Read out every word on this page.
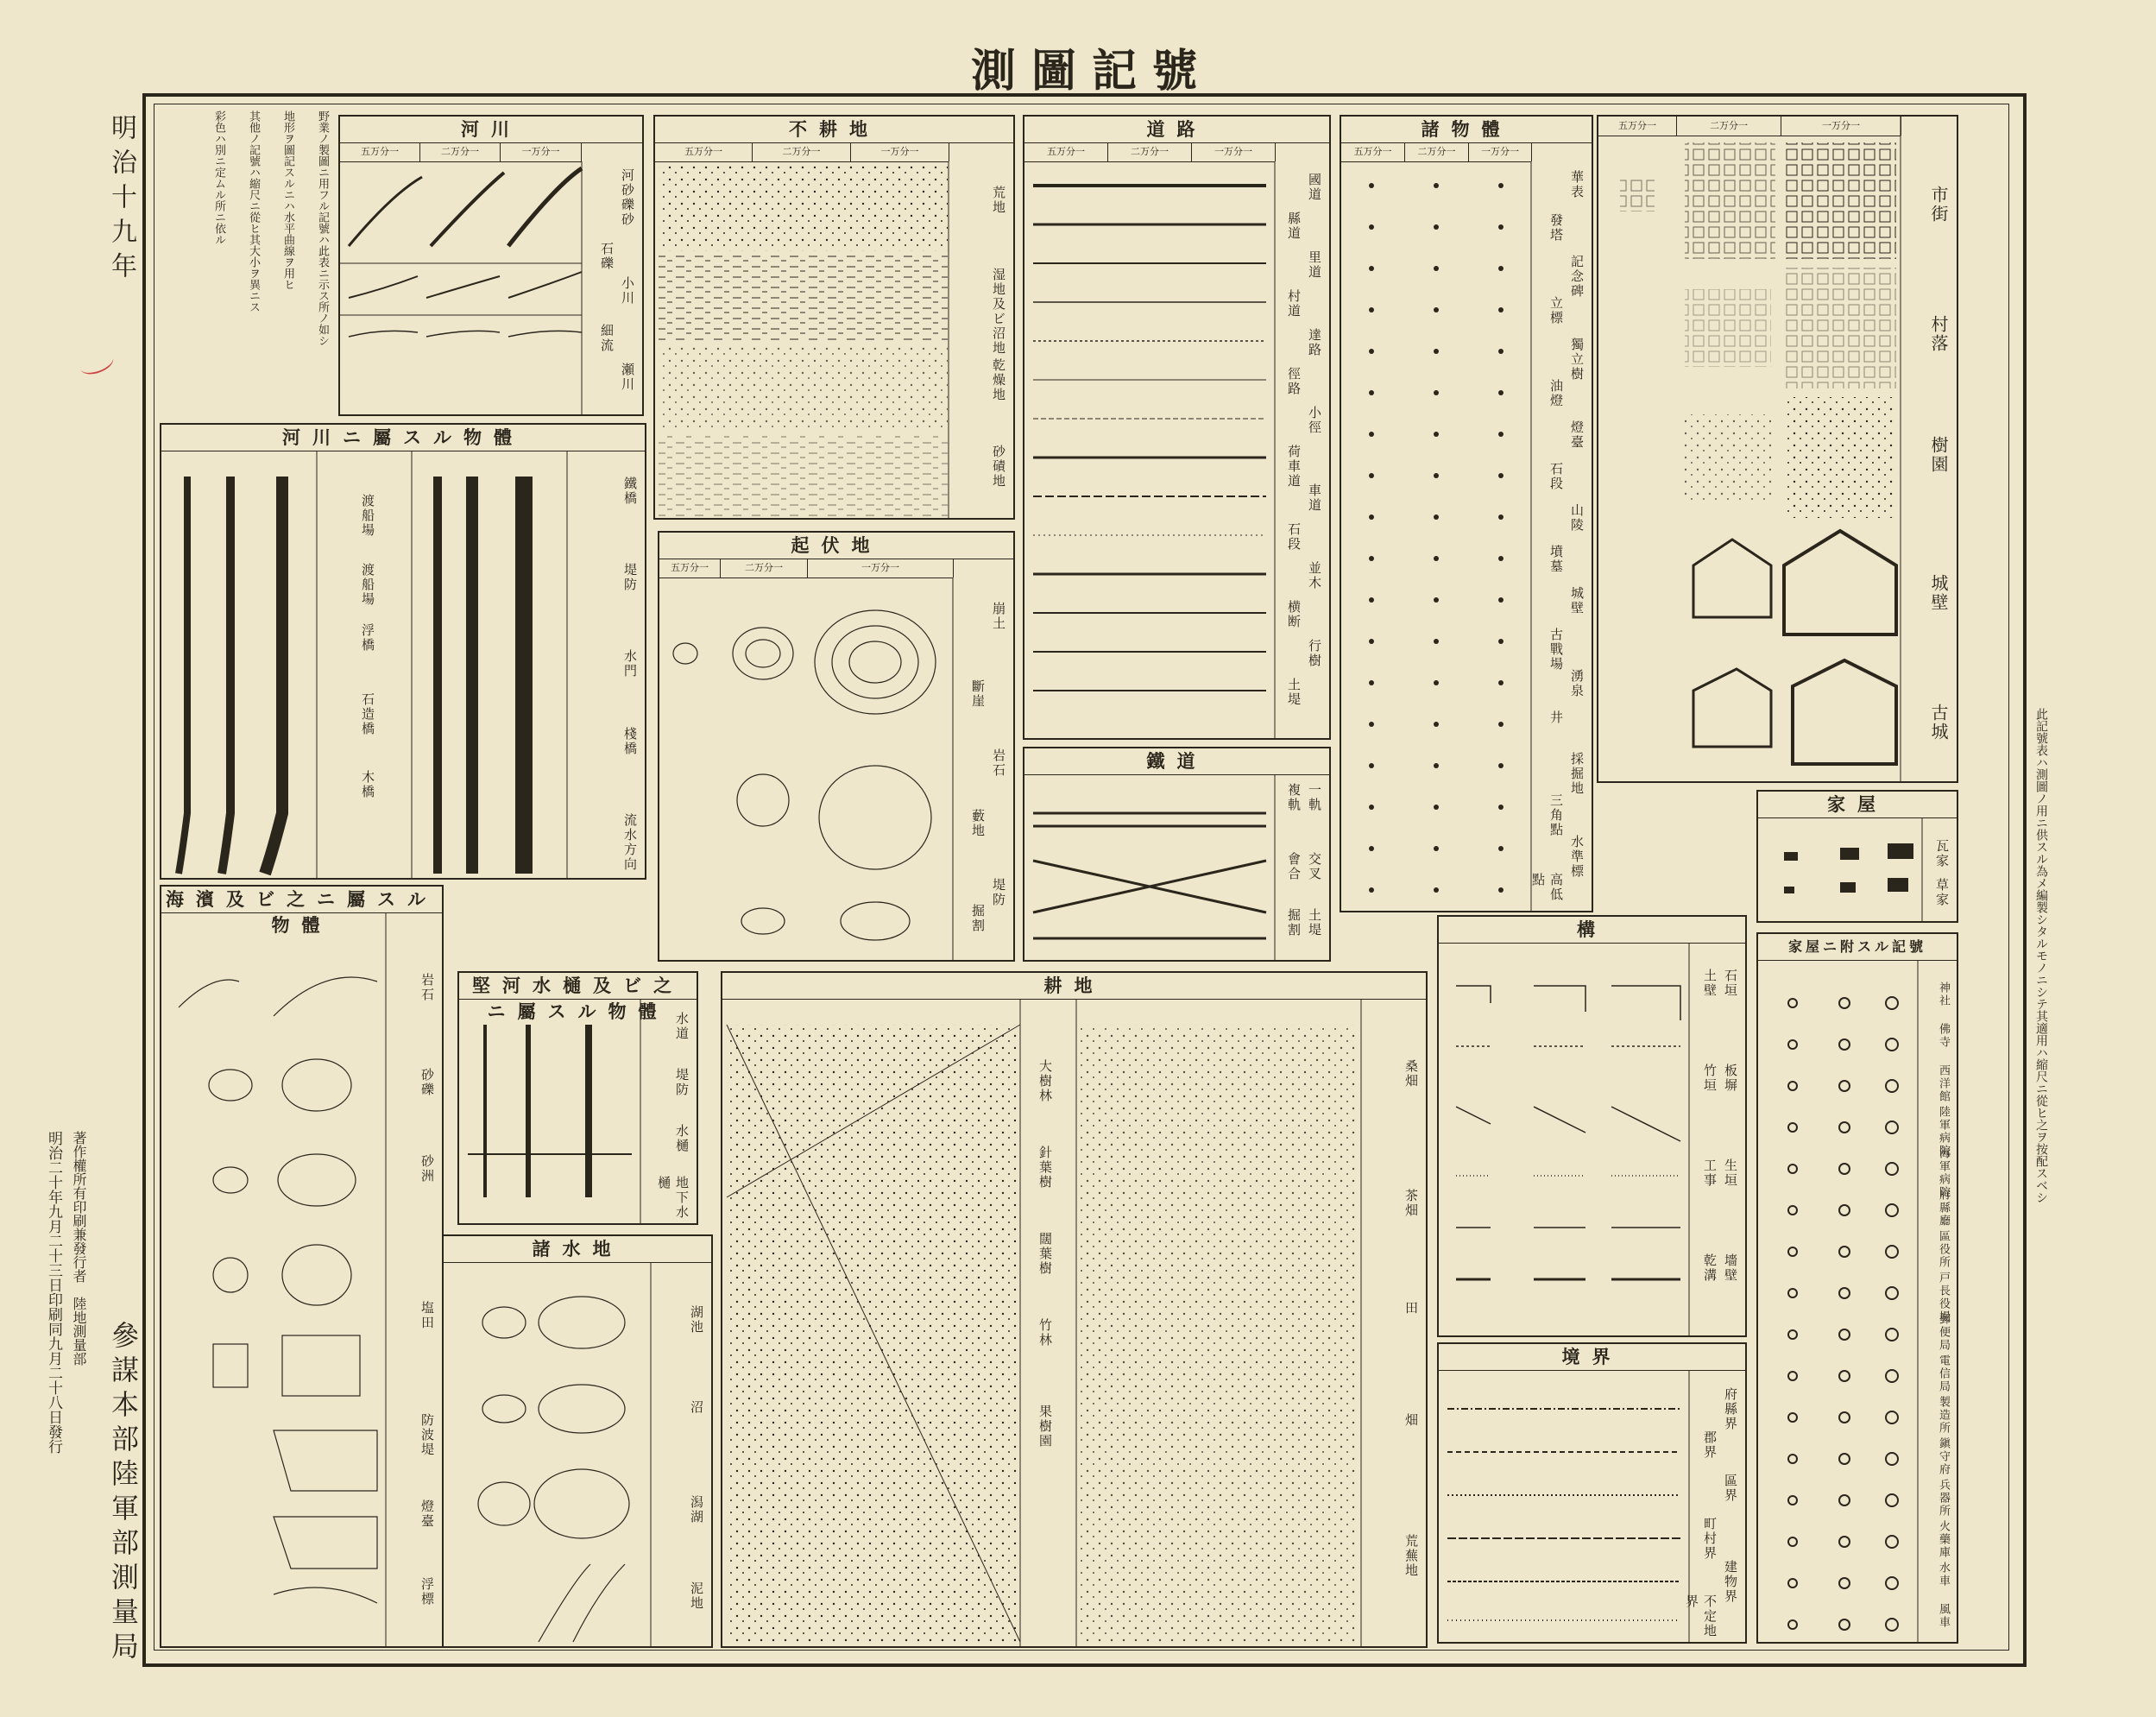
測圖記號
明治十九年
參謀本部陸軍部測量局
明治二十年九月二十三日印刷同九月二十八日發行 著作權所有印刷兼發行者　陸地測量部
此記號表ハ測圖ノ用ニ供スル為メ編製シタルモノニシテ其適用ハ縮尺ニ從ヒ之ヲ按配スベシ
野業ノ製圖ニ用フル記號ハ此表ニ示ス所ノ如シ
地形ヲ圖記スルニハ水平曲線ヲ用ヒ
其他ノ記號ハ縮尺ニ從ヒ其大小ヲ異ニス
彩色ハ別ニ定ムル所ニ依ル	河川
五万分一	二万分一	一万分一
河砂礫砂
石礫
小川
細流
瀬川
不耕地
五万分一	二万分一	一万分一
荒地
湿地及ビ沼地
乾燥地
砂磧地
道路
五万分一	二万分一	一万分一
國道
縣道
里道
村道
達路
徑路
小徑
荷車道
車道
石段
並木
横断
行樹
土堤
諸物體
五万分一	二万分一	一万分一
華表
發塔
記念碑
立標
獨立樹
油燈
燈臺
石段
山陵
墳墓
城壁
古戰場
湧泉
井
採掘地
三角點
水準標
高低點
五万分一	二万分一	一万分一
市街
村落
樹園
城壁
古城
河川ニ屬スル物體
渡船場
渡船場
浮橋
石造橋
木橋
鐵橋
堤防
水門
棧橋
流水方向
起伏地
五万分一	二万分一	一万分一
崩土
斷崖
岩石
藪地
堤防
掘割
鐵道
一軌
複軌
交叉
會合
土堤
掘割
海濱及ビ之ニ屬スル物體
岩石
砂礫
砂洲
塩田
防波堤
燈臺
浮標
堅河水樋及ビ之ニ屬スル物體
水道
堤防
水樋
地下水樋
諸水地
湖池
沼
潟湖
泥地
耕地
大樹林
針葉樹
闊葉樹
竹林
果樹園
桑畑
茶畑
田
畑
荒蕪地
構
石垣
土壁
板塀
竹垣
生垣
工事
墻壁
乾溝
境界
府縣界
郡界
區界
町村界
建物界
不定地界
家屋
瓦家
草家
家屋ニ附スル記號
神社
佛寺
西洋館
陸軍病院
海軍病院
府縣廳
區役所
戸長役場
郵便局
電信局
製造所
鎭守府
兵器所
火藥庫
水車
風車
